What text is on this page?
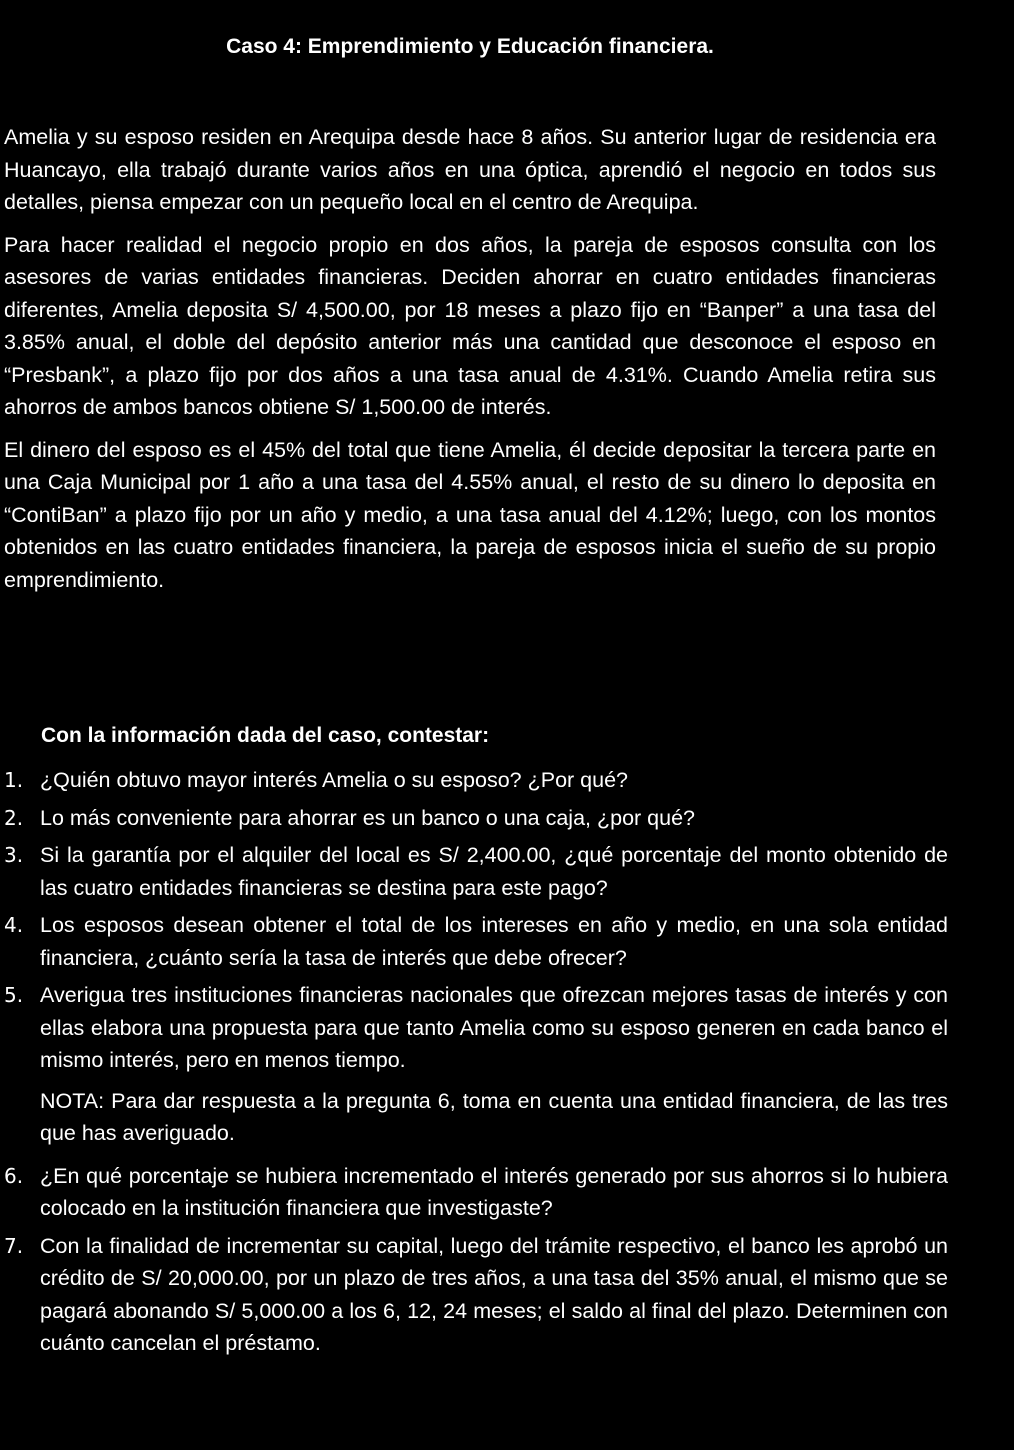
Caso 4: Emprendimiento y Educación financiera.

Amelia y su esposo residen en Arequipa desde hace 8 años. Su anterior lugar de residencia era Huancayo, ella trabajó durante varios años en una óptica, aprendió el negocio en todos sus detalles, piensa empezar con un pequeño local en el centro de Arequipa.

Para hacer realidad el negocio propio en dos años, la pareja de esposos consulta con los asesores de varias entidades financieras. Deciden ahorrar en cuatro entidades financieras diferentes, Amelia deposita S/ 4,500.00, por 18 meses a plazo fijo en “Banper” a una tasa del 3.85% anual, el doble del depósito anterior más una cantidad que desconoce el esposo en “Presbank”, a plazo fijo por dos años a una tasa anual de 4.31%. Cuando Amelia retira sus ahorros de ambos bancos obtiene S/ 1,500.00 de interés.

El dinero del esposo es el 45% del total que tiene Amelia, él decide depositar la tercera parte en una Caja Municipal por 1 año a una tasa del 4.55% anual, el resto de su dinero lo deposita en “ContiBan” a plazo fijo por un año y medio, a una tasa anual del 4.12%; luego, con los montos obtenidos en las cuatro entidades financiera, la pareja de esposos inicia el sueño de su propio emprendimiento.

Con la información dada del caso, contestar:
1. ¿Quién obtuvo mayor interés Amelia o su esposo? ¿Por qué?
2. Lo más conveniente para ahorrar es un banco o una caja, ¿por qué?
3. Si la garantía por el alquiler del local es S/ 2,400.00, ¿qué porcentaje del monto obtenido de las cuatro entidades financieras se destina para este pago?
4. Los esposos desean obtener el total de los intereses en año y medio, en una sola entidad financiera, ¿cuánto sería la tasa de interés que debe ofrecer?
5. Averigua tres instituciones financieras nacionales que ofrezcan mejores tasas de interés y con ellas elabora una propuesta para que tanto Amelia como su esposo generen en cada banco el mismo interés, pero en menos tiempo.
NOTA: Para dar respuesta a la pregunta 6, toma en cuenta una entidad financiera, de las tres que has averiguado.
6. ¿En qué porcentaje se hubiera incrementado el interés generado por sus ahorros si lo hubiera colocado en la institución financiera que investigaste?
7. Con la finalidad de incrementar su capital, luego del trámite respectivo, el banco les aprobó un crédito de S/ 20,000.00, por un plazo de tres años, a una tasa del 35% anual, el mismo que se pagará abonando S/ 5,000.00 a los 6, 12, 24 meses; el saldo al final del plazo. Determinen con cuánto cancelan el préstamo.
